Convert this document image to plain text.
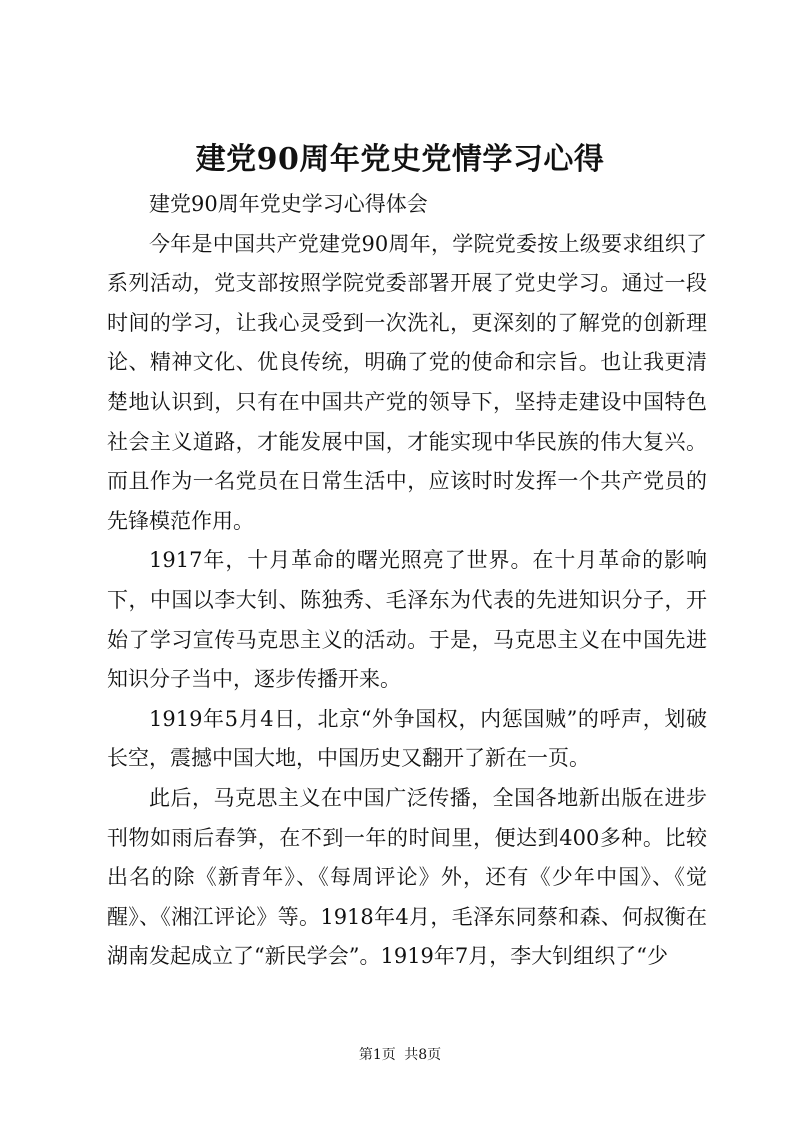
建党90周年党史党情学习心得

建党90周年党史学习心得体会

今年是中国共产党建党90周年，学院党委按上级要求组织了系列活动，党支部按照学院党委部署开展了党史学习。通过一段时间的学习，让我心灵受到一次洗礼，更深刻的了解党的创新理论、精神文化、优良传统，明确了党的使命和宗旨。也让我更清楚地认识到，只有在中国共产党的领导下，坚持走建设中国特色社会主义道路，才能发展中国，才能实现中华民族的伟大复兴。而且作为一名党员在日常生活中，应该时时发挥一个共产党员的先锋模范作用。

1917年，十月革命的曙光照亮了世界。在十月革命的影响下，中国以李大钊、陈独秀、毛泽东为代表的先进知识分子，开始了学习宣传马克思主义的活动。于是，马克思主义在中国先进知识分子当中，逐步传播开来。

1919年5月4日，北京“外争国权，内惩国贼”的呼声，划破长空，震撼中国大地，中国历史又翻开了新在一页。

此后，马克思主义在中国广泛传播，全国各地新出版在进步刊物如雨后春笋，在不到一年的时间里，便达到400多种。比较出名的除《新青年》、《每周评论》外，还有《少年中国》、《觉醒》、《湘江评论》等。1918年4月，毛泽东同蔡和森、何叔衡在湖南发起成立了“新民学会”。1919年7月，李大钊组织了“少

第1页 共8页
